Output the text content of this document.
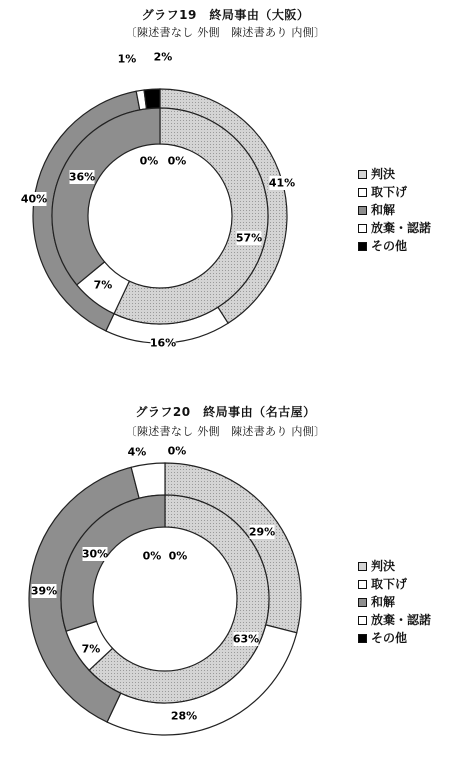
グラフ19　終局事由（大阪）
〔陳述書なし 外側　陳述書あり 内側〕
41%
16%
40%
1% 2%
57%
7%
36%
0% 0%
判決
取下げ
和解
放棄・認諾
その他
グラフ20　終局事由（名古屋）
〔陳述書なし 外側　陳述書あり 内側〕
29%
28%
39%
4% 0%
63%
7%
30%	0% 0%
判決
取下げ
和解
放棄・認諾
その他
